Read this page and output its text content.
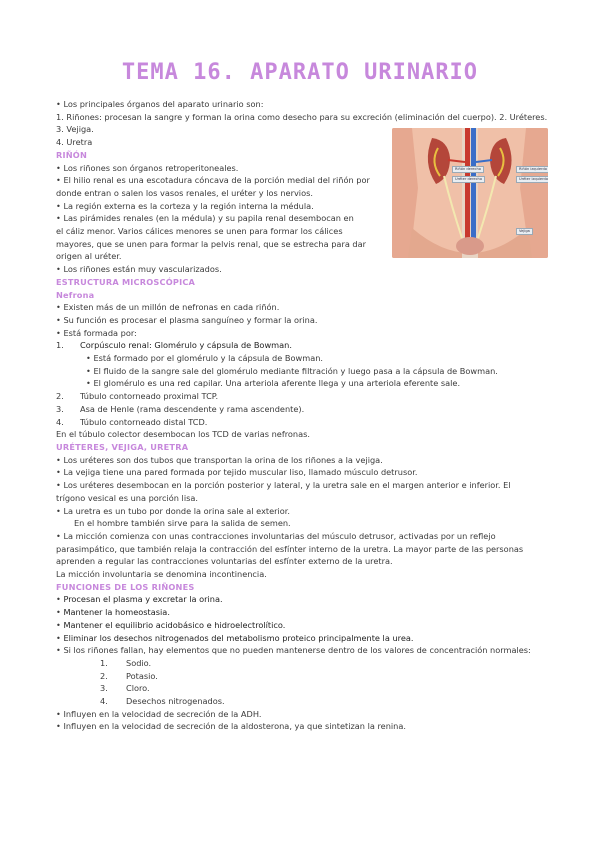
TEMA 16. APARATO URINARIO
Riñón derecho
Uréter derecho
Riñón izquierdo
Uréter izquierdo
Vejiga

• Los principales órganos del aparato urinario son:

1. Riñones: procesan la sangre y forman la orina como desecho para su excreción (eliminación del cuerpo). 2. Uréteres.

3. Vejiga.

4. Uretra

RIÑÓN

• Los riñones son órganos retroperitoneales.

• El hilio renal es una escotadura cóncava de la porción medial del riñón por

donde entran o salen los vasos renales, el uréter y los nervios.

• La región externa es la corteza y la región interna la médula.

• Las pirámides renales (en la médula) y su papila renal desembocan en

el cáliz menor. Varios cálices menores se unen para formar los cálices

mayores, que se unen para formar la pelvis renal, que se estrecha para dar

origen al uréter.

• Los riñones están muy vascularizados.

ESTRUCTURA MICROSCÓPICA

Nefrona

• Existen más de un millón de nefronas en cada riñón.

• Su función es procesar el plasma sanguíneo y formar la orina.

• Está formada por:

1. Corpúsculo renal: Glomérulo y cápsula de Bowman.

• Está formado por el glomérulo y la cápsula de Bowman.

• El fluido de la sangre sale del glomérulo mediante filtración y luego pasa a la cápsula de Bowman.

• El glomérulo es una red capilar. Una arteriola aferente llega y una arteriola eferente sale.

2. Túbulo contorneado proximal TCP.

3. Asa de Henle (rama descendente y rama ascendente).

4. Túbulo contorneado distal TCD.

En el túbulo colector desembocan los TCD de varias nefronas.

URÉTERES, VEJIGA, URETRA

• Los uréteres son dos tubos que transportan la orina de los riñones a la vejiga.

• La vejiga tiene una pared formada por tejido muscular liso, llamado músculo detrusor.

• Los uréteres desembocan en la porción posterior y lateral, y la uretra sale en el margen anterior e inferior. El

trígono vesical es una porción lisa.

• La uretra es un tubo por donde la orina sale al exterior.

En el hombre también sirve para la salida de semen.

• La micción comienza con unas contracciones involuntarias del músculo detrusor, activadas por un reflejo

parasimpático, que también relaja la contracción del esfínter interno de la uretra. La mayor parte de las personas

aprenden a regular las contracciones voluntarias del esfínter externo de la uretra.

La micción involuntaria se denomina incontinencia.

FUNCIONES DE LOS RIÑONES

• Procesan el plasma y excretar la orina.

• Mantener la homeostasia.

• Mantener el equilibrio acidobásico e hidroelectrolítico.

• Eliminar los desechos nitrogenados del metabolismo proteico principalmente la urea.

• Si los riñones fallan, hay elementos que no pueden mantenerse dentro de los valores de concentración normales:

1. Sodio.

2. Potasio.

3. Cloro.

4. Desechos nitrogenados.

• Influyen en la velocidad de secreción de la ADH.

• Influyen en la velocidad de secreción de la aldosterona, ya que sintetizan la renina.
